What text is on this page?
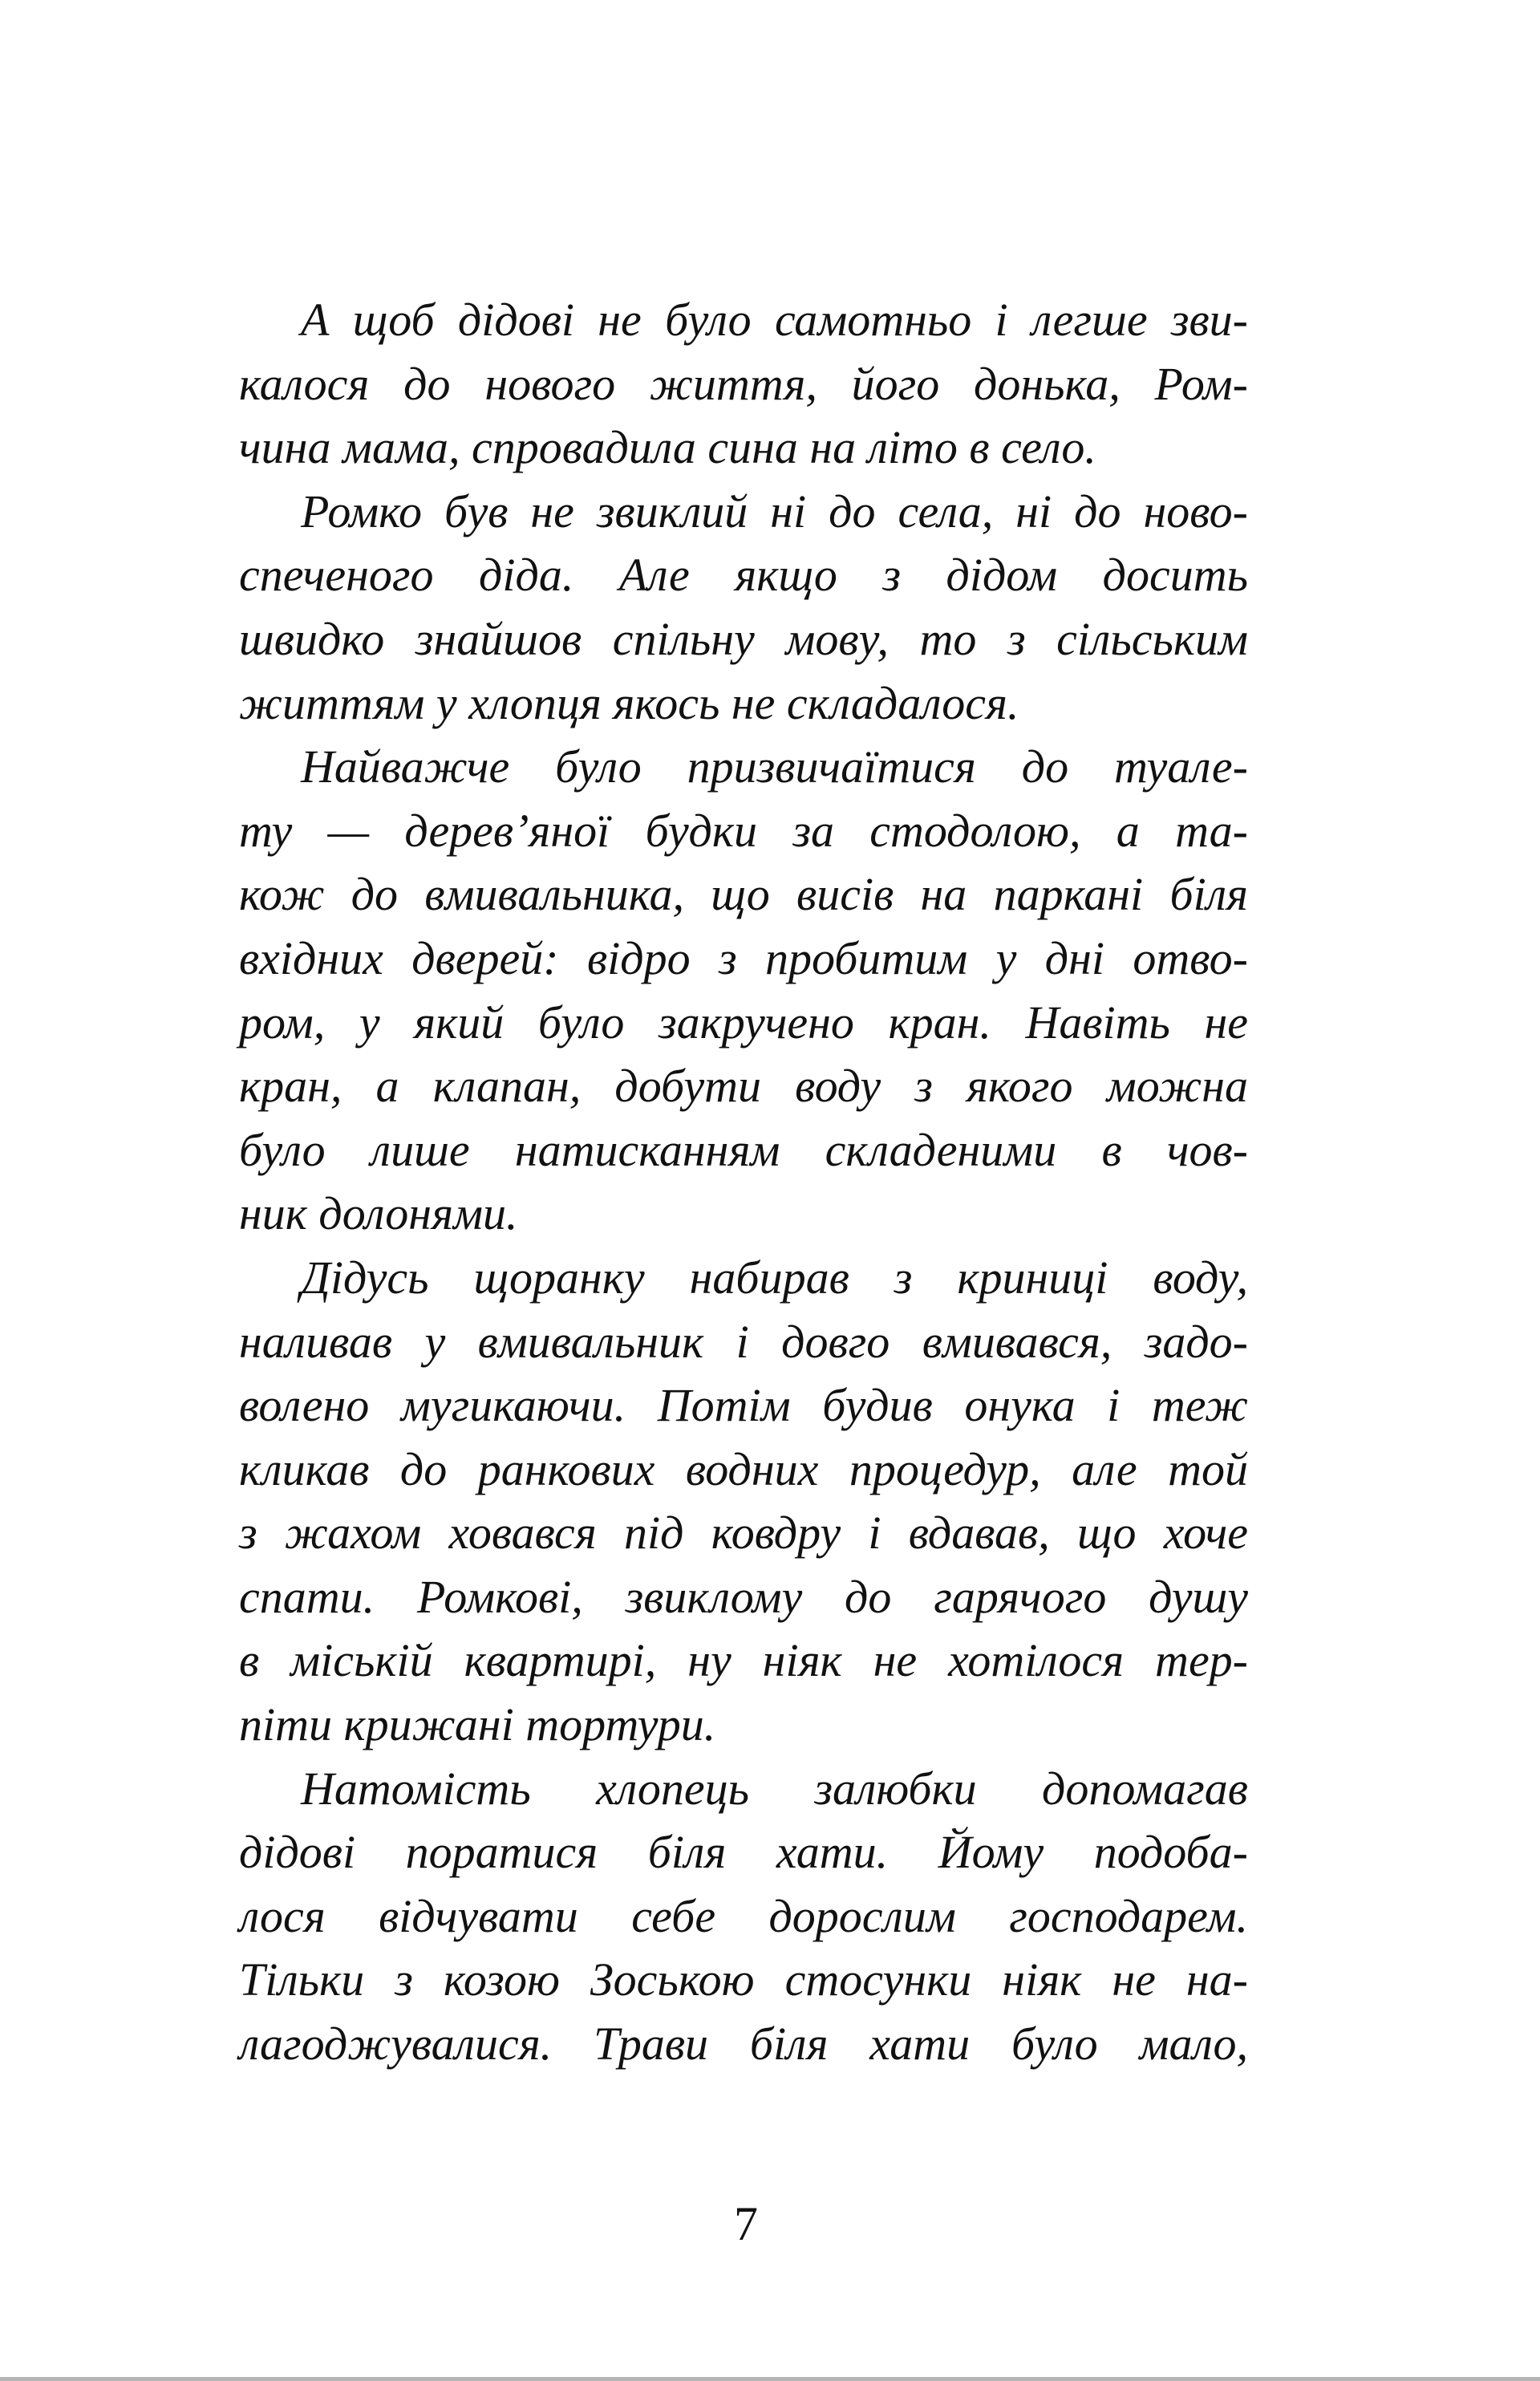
А щоб дідові не було самотньо і легше зви-
калося до нового життя, його донька, Ром-
чина мама, спровадила сина на літо в село.
Ромко був не звиклий ні до села, ні до ново-
спеченого діда. Але якщо з дідом досить
швидко знайшов спільну мову, то з сільським
життям у хлопця якось не складалося.
Найважче було призвичаїтися до туале-
ту — дерев’яної будки за стодолою, а та-
кож до вмивальника, що висів на паркані біля
вхідних дверей: відро з пробитим у дні отво-
ром, у який було закручено кран. Навіть не
кран, а клапан, добути воду з якого можна
було лише натисканням складеними в чов-
ник долонями.
Дідусь щоранку набирав з криниці воду,
наливав у вмивальник і довго вмивався, задо-
волено мугикаючи. Потім будив онука і теж
кликав до ранкових водних процедур, але той
з жахом ховався під ковдру і вдавав, що хоче
спати. Ромкові, звиклому до гарячого душу
в міській квартирі, ну ніяк не хотілося тер-
піти крижані тортури.
Натомість хлопець залюбки допомагав
дідові поратися біля хати. Йому подоба-
лося відчувати себе дорослим господарем.
Тільки з козою Зоською стосунки ніяк не на-
лагоджувалися. Трави біля хати було мало,
7
